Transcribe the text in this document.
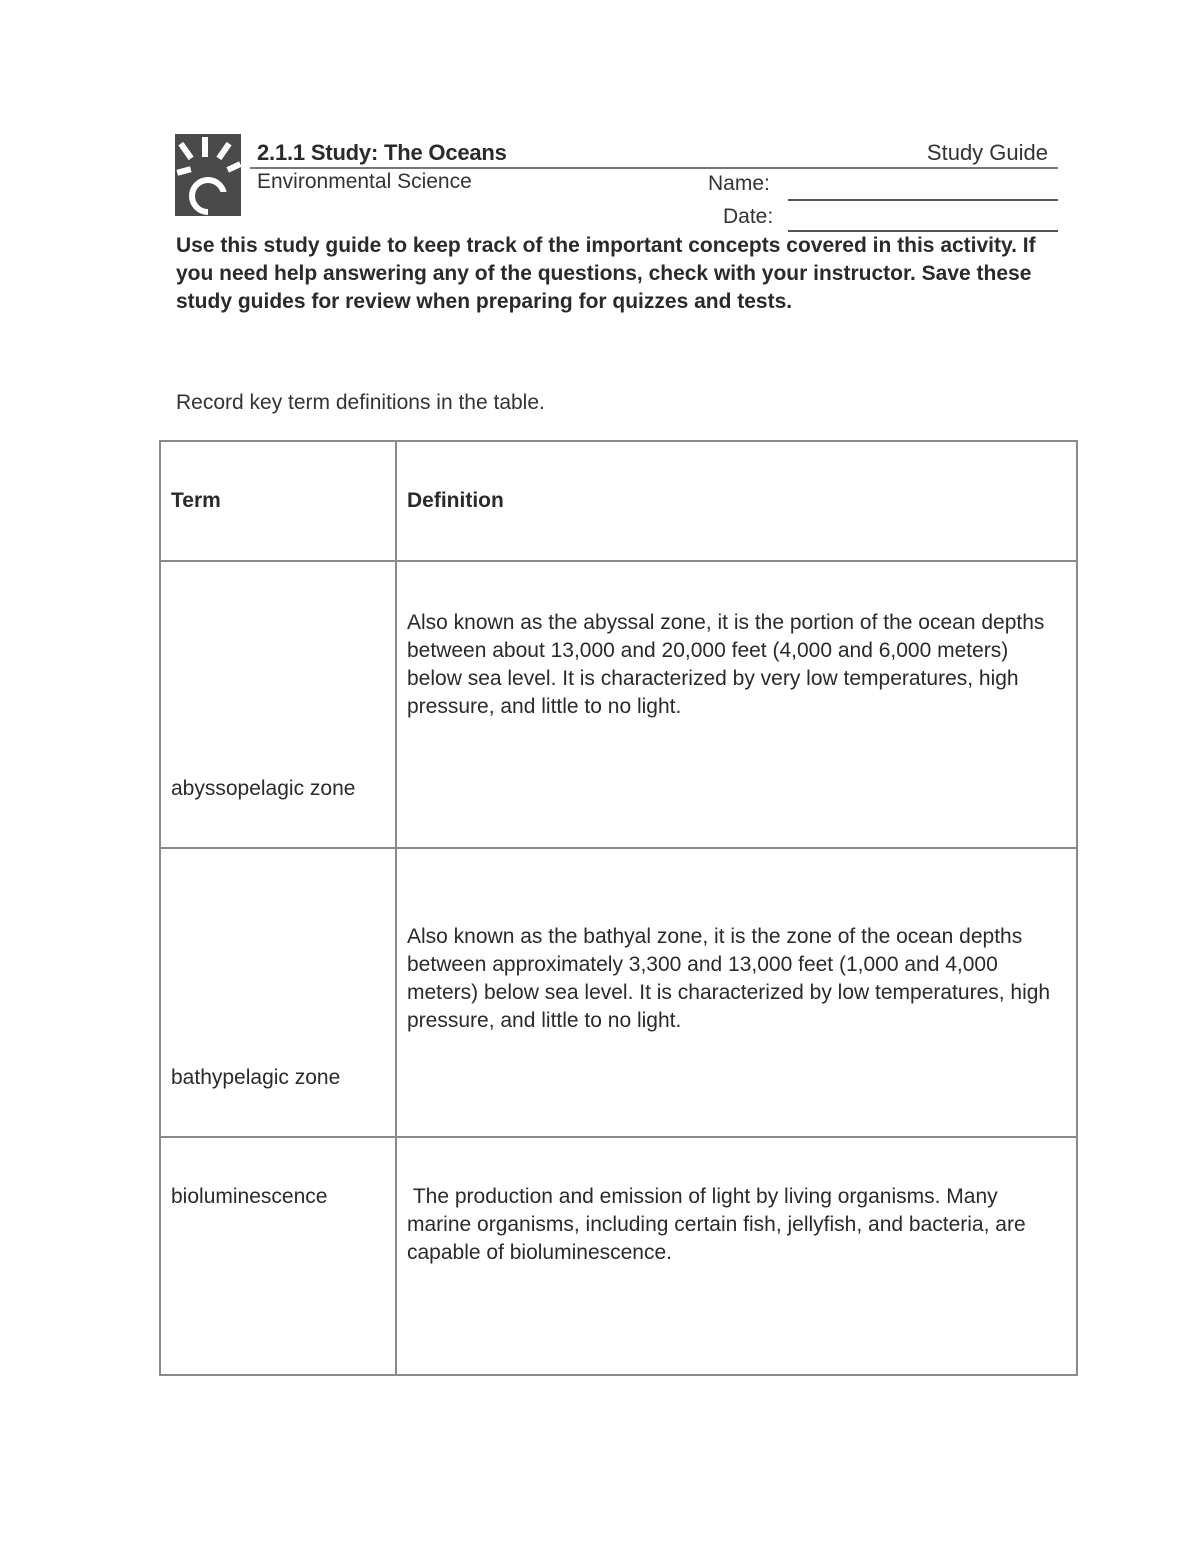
2.1.1 Study: The Oceans	Study Guide
Environmental Science	Name:
Date:
Use this study guide to keep track of the important concepts covered in this activity. If you need help answering any of the questions, check with your instructor. Save these study guides for review when preparing for quizzes and tests.
Record key term definitions in the table.
Term	Definition

abyssopelagic zone	Also known as the abyssal zone, it is the portion of the ocean depths between about 13,000 and 20,000 feet (4,000 and 6,000 meters) below sea level. It is characterized by very low temperatures, high pressure, and little to no light.

bathypelagic zone	Also known as the bathyal zone, it is the zone of the ocean depths between approximately 3,300 and 13,000 feet (1,000 and 4,000 meters) below sea level. It is characterized by low temperatures, high pressure, and little to no light.

bioluminescence	The production and emission of light by living organisms. Many marine organisms, including certain fish, jellyfish, and bacteria, are capable of bioluminescence.
